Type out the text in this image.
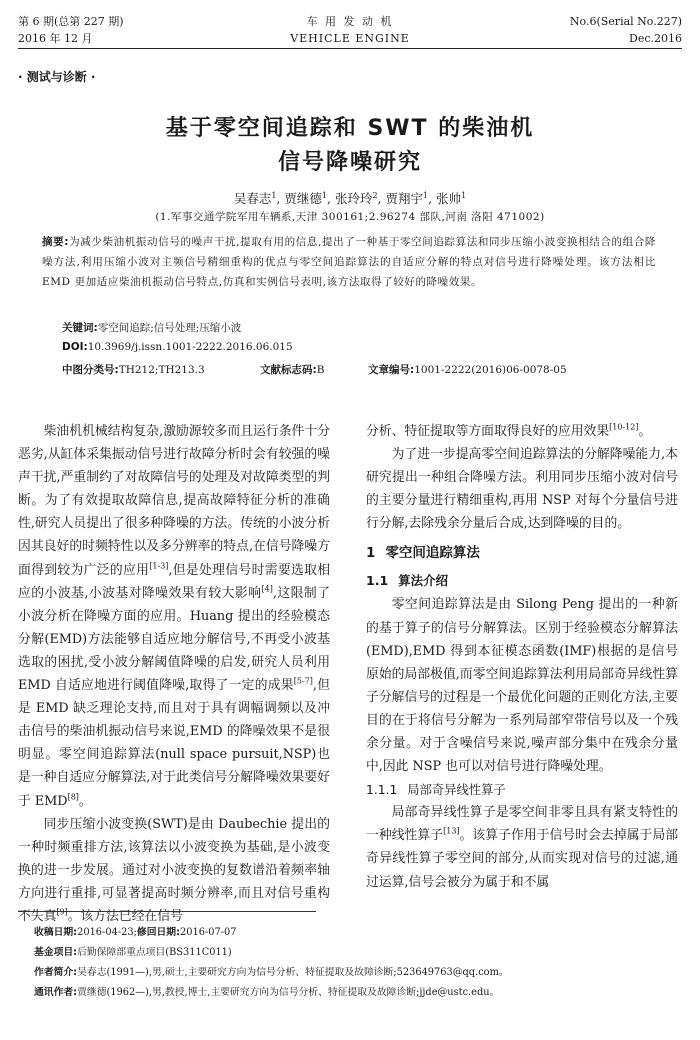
第 6 期(总第 227 期)
2016 年 12 月
车 用 发 动 机
VEHICLE ENGINE
No.6(Serial No.227)
Dec.2016
· 测试与诊断 ·
基于零空间追踪和 SWT 的柴油机
信号降噪研究
吴春志$^1$, 贾继德$^1$, 张玲玲$^2$, 贾翔宇$^1$, 张帅$^1$
(1.军事交通学院军用车辆系,天津 300161;2.96274 部队,河南 洛阳 471002)
摘要:为减少柴油机振动信号的噪声干扰,提取有用的信息,提出了一种基于零空间追踪算法和同步压缩小波变换相结合的组合降噪方法,利用压缩小波对主频信号精细重构的优点与零空间追踪算法的自适应分解的特点对信号进行降噪处理。该方法相比 EMD 更加适应柴油机振动信号特点,仿真和实例信号表明,该方法取得了较好的降噪效果。
关键词:零空间追踪;信号处理;压缩小波
DOI:10.3969/j.issn.1001-2222.2016.06.015
中图分类号:TH212;TH213.3	文献标志码:B	文章编号:1001-2222(2016)06-0078-05

柴油机机械结构复杂,激励源较多而且运行条件十分恶劣,从缸体采集振动信号进行故障分析时会有较强的噪声干扰,严重制约了对故障信号的处理及对故障类型的判断。为了有效提取故障信息,提高故障特征分析的准确性,研究人员提出了很多种降噪的方法。传统的小波分析因其良好的时频特性以及多分辨率的特点,在信号降噪方面得到较为广泛的应用[1-3],但是处理信号时需要选取相应的小波基,小波基对降噪效果有较大影响[4],这限制了小波分析在降噪方面的应用。Huang 提出的经验模态分解(EMD)方法能够自适应地分解信号,不再受小波基选取的困扰,受小波分解阈值降噪的启发,研究人员利用 EMD 自适应地进行阈值降噪,取得了一定的成果[5-7],但是 EMD 缺乏理论支持,而且对于具有调幅调频以及冲击信号的柴油机振动信号来说,EMD 的降噪效果不是很明显。零空间追踪算法(null space pursuit,NSP)也是一种自适应分解算法,对于此类信号分解降噪效果要好于 EMD[8]。

同步压缩小波变换(SWT)是由 Daubechie 提出的一种时频重排方法,该算法以小波变换为基础,是小波变换的进一步发展。通过对小波变换的复数谱沿着频率轴方向进行重排,可显著提高时频分辨率,而且对信号重构不失真[9]。该方法已经在信号

分析、特征提取等方面取得良好的应用效果[10-12]。

为了进一步提高零空间追踪算法的分解降噪能力,本研究提出一种组合降噪方法。利用同步压缩小波对信号的主要分量进行精细重构,再用 NSP 对每个分量信号进行分解,去除残余分量后合成,达到降噪的目的。

1 零空间追踪算法
1.1 算法介绍

零空间追踪算法是由 Silong Peng 提出的一种新的基于算子的信号分解算法。区别于经验模态分解算法(EMD),EMD 得到本征模态函数(IMF)根据的是信号原始的局部极值,而零空间追踪算法利用局部奇异线性算子分解信号的过程是一个最优化问题的正则化方法,主要目的在于将信号分解为一系列局部窄带信号以及一个残余分量。对于含噪信号来说,噪声部分集中在残余分量中,因此 NSP 也可以对信号进行降噪处理。

1.1.1 局部奇异线性算子

局部奇异线性算子是零空间非零且具有紧支特性的一种线性算子[13]。该算子作用于信号时会去掉属于局部奇异线性算子零空间的部分,从而实现对信号的过滤,通过运算,信号会被分为属于和不属

收稿日期:2016-04-23;修回日期:2016-07-07
基金项目:后勤保障部重点项目(BS311C011)
作者简介:吴春志(1991—),男,硕士,主要研究方向为信号分析、特征提取及故障诊断;523649763@qq.com。
通讯作者:贾继德(1962—),男,教授,博士,主要研究方向为信号分析、特征提取及故障诊断;jjde@ustc.edu。
